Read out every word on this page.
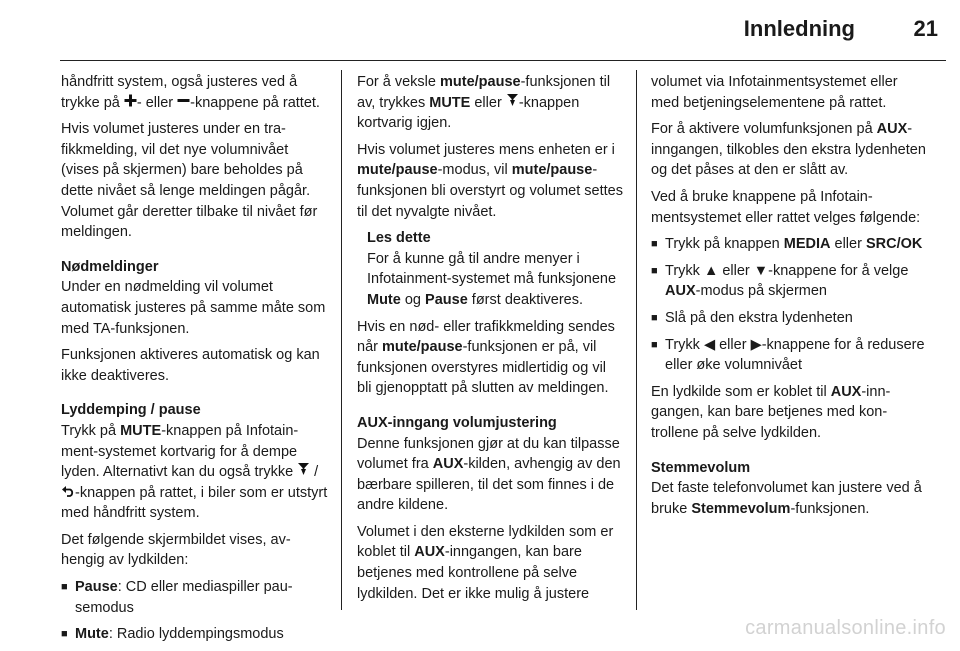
Innledning	21

håndfritt system, også justeres ved å trykke på - eller -knappene på rattet.

Hvis volumet justeres under en trafikkmelding, vil det nye volumnivået (vises på skjermen) bare beholdes på dette nivået så lenge meldingen pågår. Volumet går deretter tilbake til nivået før meldingen.

Nødmeldinger

Under en nødmelding vil volumet automatisk justeres på samme måte som med TA-funksjonen.

Funksjonen aktiveres automatisk og kan ikke deaktiveres.

Lyddemping / pause

Trykk på MUTE-knappen på Infotainment-systemet kortvarig for å dempe lyden. Alternativt kan du også trykke  / -knappen på rattet, i biler som er utstyrt med håndfritt system.

Det følgende skjermbildet vises, avhengig av lydkilden:

■ Pause: CD eller mediaspiller pausemodus
■ Mute: Radio lyddempingsmodus

For å veksle mute/pause-funksjonen til av, trykkes MUTE eller -knappen kortvarig igjen.

Hvis volumet justeres mens enheten er i mute/pause-modus, vil mute/pause-funksjonen bli overstyrt og volumet settes til det nyvalgte nivået.

Les dette
For å kunne gå til andre menyer i Infotainment-systemet må funksjonene Mute og Pause først deaktiveres.

Hvis en nød- eller trafikkmelding sendes når mute/pause-funksjonen er på, vil funksjonen overstyres midlertidig og vil bli gjenopptatt på slutten av meldingen.

AUX-inngang volumjustering

Denne funksjonen gjør at du kan tilpasse volumet fra AUX-kilden, avhengig av den bærbare spilleren, til det som finnes i de andre kildene.

Volumet i den eksterne lydkilden som er koblet til AUX-inngangen, kan bare betjenes med kontrollene på selve lydkilden. Det er ikke mulig å justere

volumet via Infotainmentsystemet eller med betjeningselementene på rattet.

For å aktivere volumfunksjonen på AUX-inngangen, tilkobles den ekstra lydenheten og det påses at den er slått av.

Ved å bruke knappene på Infotainmentsystemet eller rattet velges følgende:

■ Trykk på knappen MEDIA eller SRC/OK
■ Trykk ▲ eller ▼-knappene for å velge AUX-modus på skjermen
■ Slå på den ekstra lydenheten
■ Trykk ◀ eller ▶-knappene for å redusere eller øke volumnivået

En lydkilde som er koblet til AUX-inngangen, kan bare betjenes med kontrollene på selve lydkilden.

Stemmevolum

Det faste telefonvolumet kan justere ved å bruke Stemmevolum-funksjonen.

carmanualsonline.info
